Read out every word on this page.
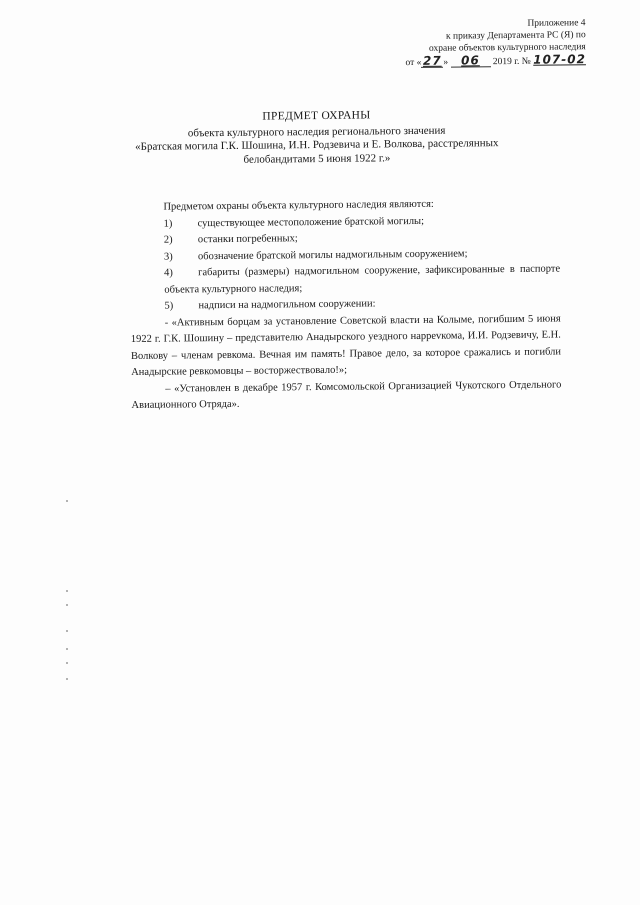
Приложение 4
к приказу Департамента РС (Я) по
охране объектов культурного наследия
от «27 » 06 2019 г. № 107-02
ПРЕДМЕТ ОХРАНЫ
объекта культурного наследия регионального значения
«Братская могила Г.К. Шошина, И.Н. Родзевича и Е. Волкова, расстрелянных
белобандитами 5 июня 1922 г.»

Предметом охраны объекта культурного наследия являются:

1)	существующее местоположение братской могилы;

2)	останки погребенных;

3)	обозначение братской могилы надмогильным сооружением;

4) габариты (размеры) надмогильном сооружение, зафиксированные в паспорте объекта культурного наследия;

5)	надписи на надмогильном сооружении:

- «Активным борцам за установление Советской власти на Колыме, погибшим 5 июня 1922 г. Г.К. Шошину – представителю Анадырского уездного наррevкома, И.И. Родзевичу, Е.Н. Волкову – членам ревкома. Вечная им память! Правое дело, за которое сражались и погибли Анадырские ревкомовцы – восторжествовало!»;

– «Установлен в декабре 1957 г. Комсомольской Организацией Чукотского Отдельного Авиационного Отряда».
